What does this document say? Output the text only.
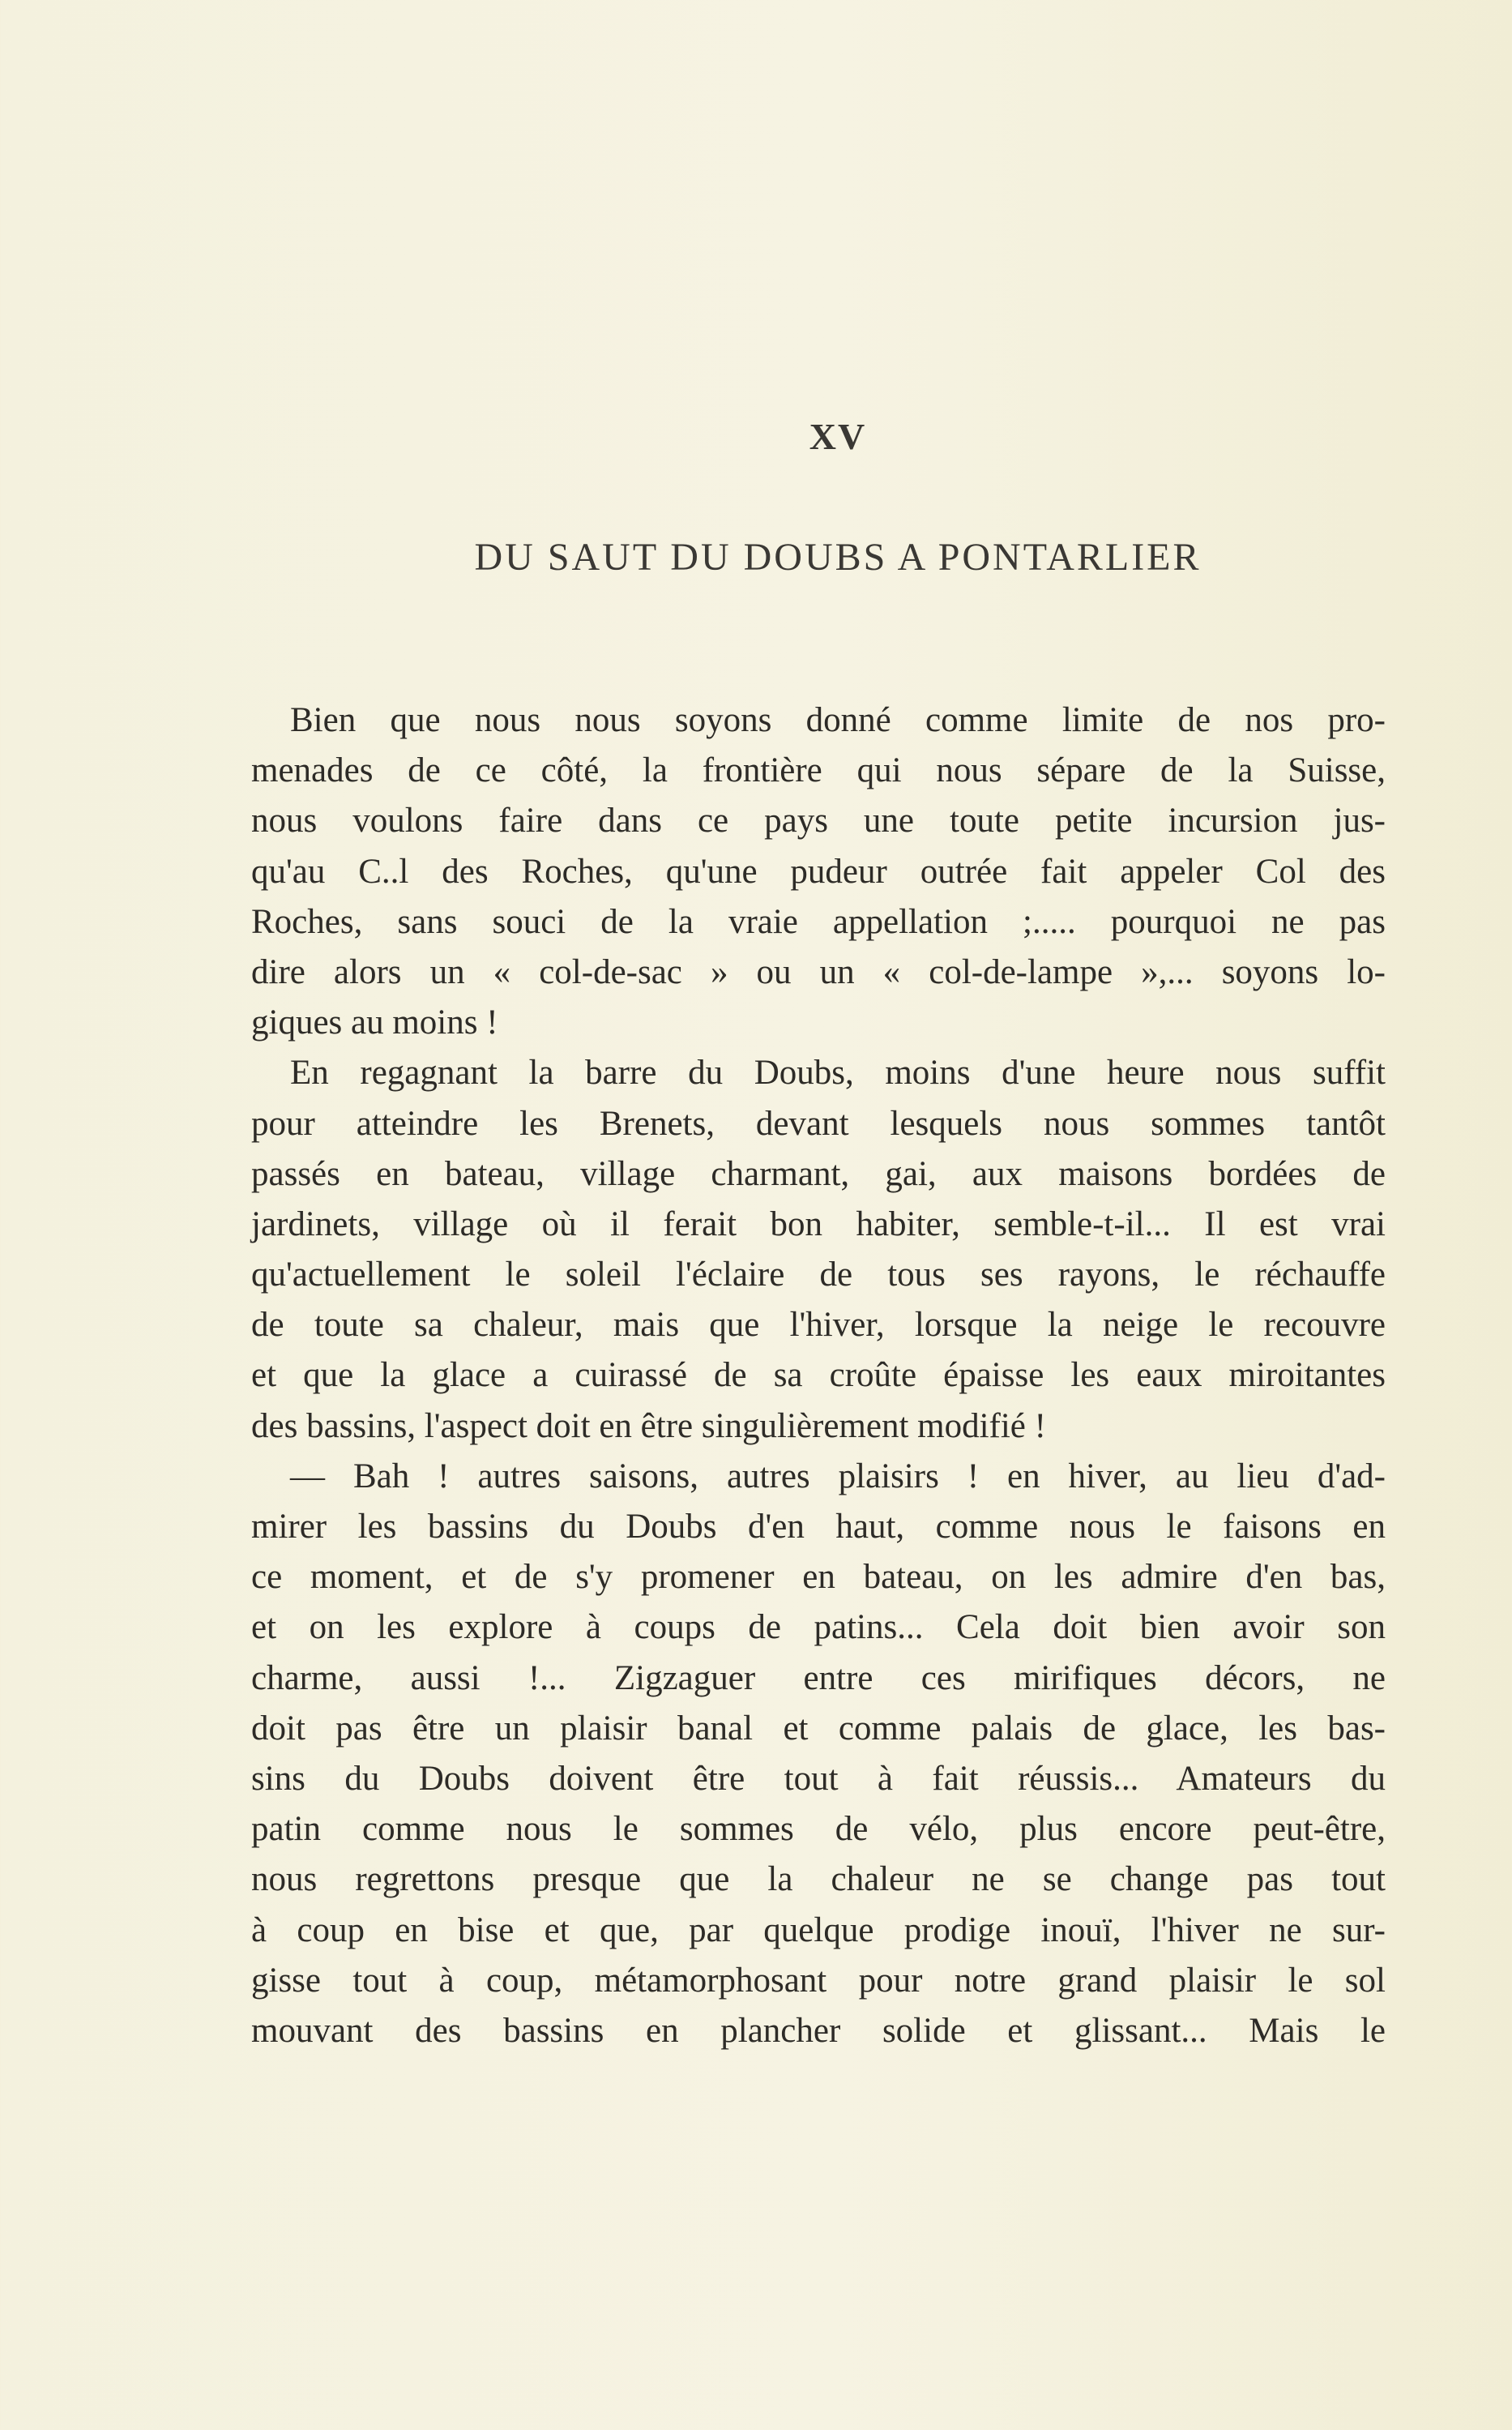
XV
DU SAUT DU DOUBS A PONTARLIER
Bien que nous nous soyons donné comme limite de nos pro-
menades de ce côté, la frontière qui nous sépare de la Suisse,
nous voulons faire dans ce pays une toute petite incursion jus-
qu'au C..l des Roches, qu'une pudeur outrée fait appeler Col des
Roches, sans souci de la vraie appellation ;..... pourquoi ne pas
dire alors un « col-de-sac » ou un « col-de-lampe »,... soyons lo-
giques au moins !
En regagnant la barre du Doubs, moins d'une heure nous suffit
pour atteindre les Brenets, devant lesquels nous sommes tantôt
passés en bateau, village charmant, gai, aux maisons bordées de
jardinets, village où il ferait bon habiter, semble-t-il... Il est vrai
qu'actuellement le soleil l'éclaire de tous ses rayons, le réchauffe
de toute sa chaleur, mais que l'hiver, lorsque la neige le recouvre
et que la glace a cuirassé de sa croûte épaisse les eaux miroitantes
des bassins, l'aspect doit en être singulièrement modifié !
— Bah ! autres saisons, autres plaisirs ! en hiver, au lieu d'ad-
mirer les bassins du Doubs d'en haut, comme nous le faisons en
ce moment, et de s'y promener en bateau, on les admire d'en bas,
et on les explore à coups de patins... Cela doit bien avoir son
charme, aussi !... Zigzaguer entre ces mirifiques décors, ne
doit pas être un plaisir banal et comme palais de glace, les bas-
sins du Doubs doivent être tout à fait réussis... Amateurs du
patin comme nous le sommes de vélo, plus encore peut-être,
nous regrettons presque que la chaleur ne se change pas tout
à coup en bise et que, par quelque prodige inouï, l'hiver ne sur-
gisse tout à coup, métamorphosant pour notre grand plaisir le sol
mouvant des bassins en plancher solide et glissant... Mais le
